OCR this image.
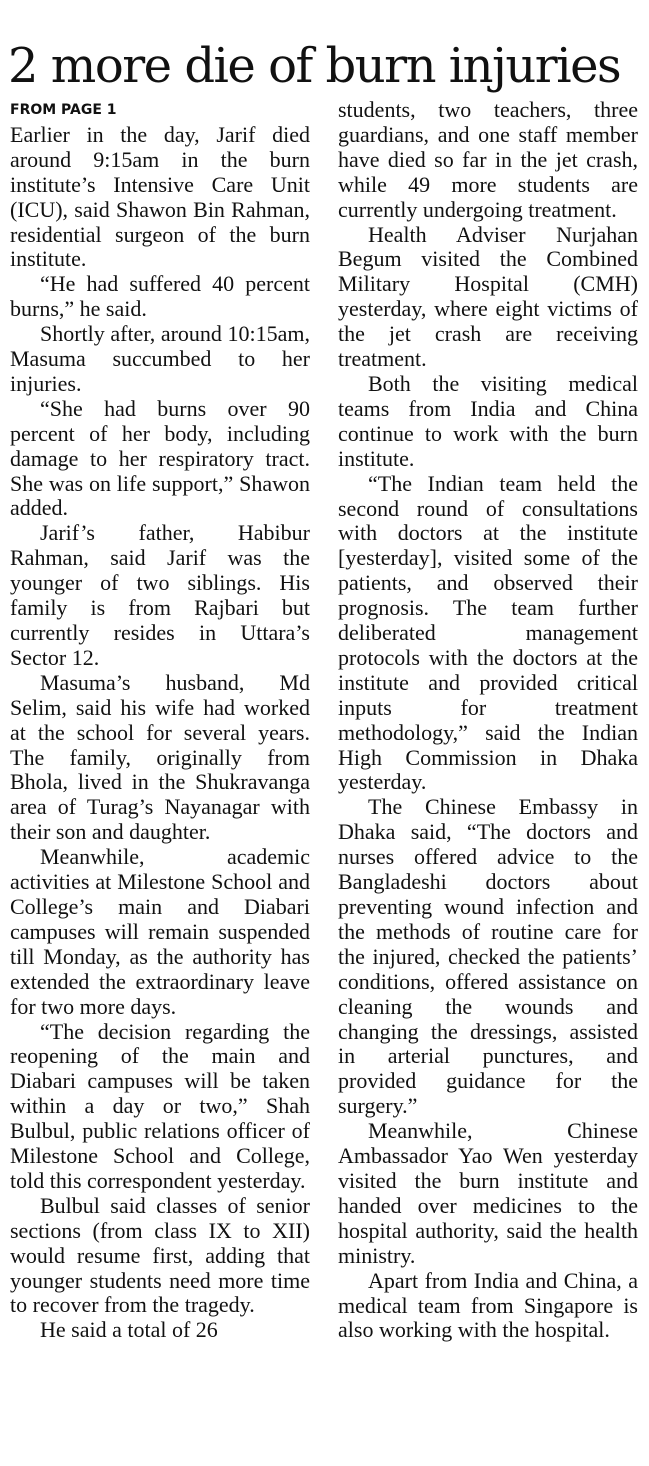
2 more die of burn injuries
FROM PAGE 1

Earlier in the day, Jarif died around 9:15am in the burn institute’s Intensive Care Unit (ICU), said Shawon Bin Rahman, residential surgeon of the burn institute.

“He had suffered 40 percent burns,” he said.

Shortly after, around 10:15am, Masuma succumbed to her injuries.

“She had burns over 90 percent of her body, including damage to her respiratory tract. She was on life support,” Shawon added.

Jarif’s father, Habibur Rahman, said Jarif was the younger of two siblings. His family is from Rajbari but currently resides in Uttara’s Sector 12.

Masuma’s husband, Md Selim, said his wife had worked at the school for several years. The family, originally from Bhola, lived in the Shukravanga area of Turag’s Nayanagar with their son and daughter.

Meanwhile, academic activities at Milestone School and College’s main and Diabari campuses will remain suspended till Monday, as the authority has extended the extraordinary leave for two more days.

“The decision regarding the reopening of the main and Diabari campuses will be taken within a day or two,” Shah Bulbul, public relations officer of Milestone School and College, told this correspondent yesterday.

Bulbul said classes of senior sections (from class IX to XII) would resume first, adding that younger students need more time to recover from the tragedy.

He said a total of 26

students, two teachers, three guardians, and one staff member have died so far in the jet crash, while 49 more students are currently undergoing treatment.

Health Adviser Nurjahan Begum visited the Combined Military Hospital (CMH) yesterday, where eight victims of the jet crash are receiving treatment.

Both the visiting medical teams from India and China continue to work with the burn institute.

“The Indian team held the second round of consultations with doctors at the institute [yesterday], visited some of the patients, and observed their prognosis. The team further deliberated management protocols with the doctors at the institute and provided critical inputs for treatment methodology,” said the Indian High Commission in Dhaka yesterday.

The Chinese Embassy in Dhaka said, “The doctors and nurses offered advice to the Bangladeshi doctors about preventing wound infection and the methods of routine care for the injured, checked the patients’ conditions, offered assistance on cleaning the wounds and changing the dressings, assisted in arterial punctures, and provided guidance for the surgery.”

Meanwhile, Chinese Ambassador Yao Wen yesterday visited the burn institute and handed over medicines to the hospital authority, said the health ministry.

Apart from India and China, a medical team from Singapore is also working with the hospital.
